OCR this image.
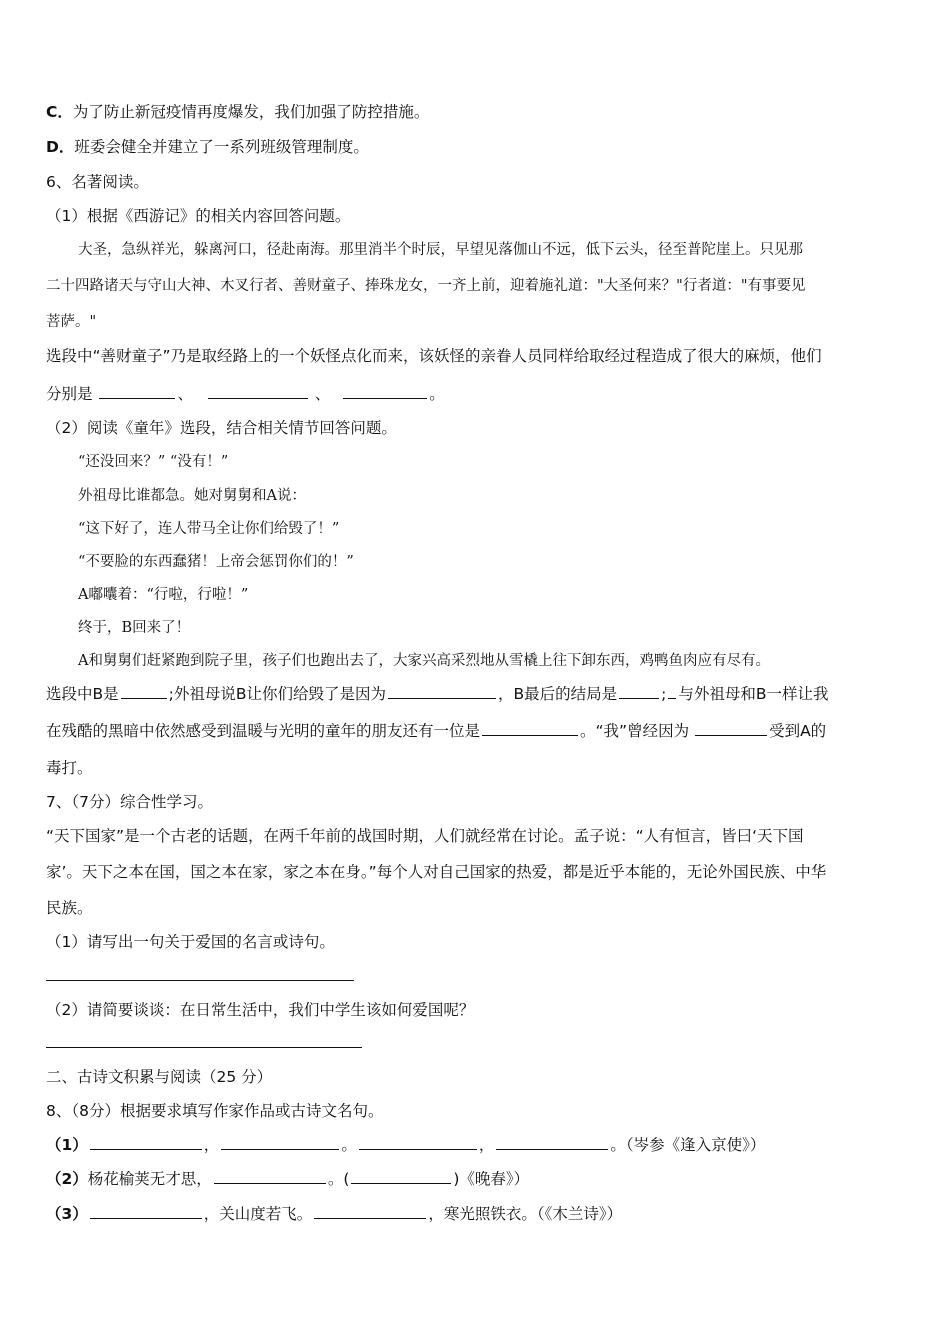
C．为了防止新冠疫情再度爆发，我们加强了防控措施。
D．班委会健全并建立了一系列班级管理制度。
6、名著阅读。
（1）根据《西游记》的相关内容回答问题。
大圣，急纵祥光，躲离河口，径赴南海。那里消半个时辰，早望见落伽山不远，低下云头，径至普陀崖上。只见那
二十四路诸天与守山大神、木叉行者、善财童子、捧珠龙女，一齐上前，迎着施礼道："大圣何来？"行者道："有事要见
菩萨。"
选段中“善财童子”乃是取经路上的一个妖怪点化而来，该妖怪的亲眷人员同样给取经过程造成了很大的麻烦，他们
分别是	、	、	。
（2）阅读《童年》选段，结合相关情节回答问题。
“还没回来？” “没有！”
外祖母比谁都急。她对舅舅和A说：
“这下好了，连人带马全让你们给毁了！”
“不要脸的东西蠢猪！上帝会惩罚你们的！”
A嘟囔着：“行啦，行啦！”
终于，B回来了！
A和舅舅们赶紧跑到院子里，孩子们也跑出去了，大家兴高采烈地从雪橇上往下卸东西，鸡鸭鱼肉应有尽有。
选段中B是	;外祖母说B让你们给毁了是因为	，B最后的结局是	; 与外祖母和B一样让我
在残酷的黑暗中依然感受到温暖与光明的童年的朋友还有一位是	。“我”曾经因为	受到A的
毒打。
7、（7分）综合性学习。
“天下国家”是一个古老的话题，在两千年前的战国时期，人们就经常在讨论。孟子说：“人有恒言，皆曰‘天下国
家’。天下之本在国，国之本在家，家之本在身。”每个人对自己国家的热爱，都是近乎本能的，无论外国民族、中华
民族。
（1）请写出一句关于爱国的名言或诗句。
（2）请简要谈谈：在日常生活中，我们中学生该如何爱国呢？
二、古诗文积累与阅读（25 分）
8、（8分）根据要求填写作家作品或古诗文名句。
（1）	，	。	，	。（岑参《逢入京使》）
（2）杨花榆荚无才思，	。(	)《晚春》）
（3）	，关山度若飞。	，寒光照铁衣。（《木兰诗》）
